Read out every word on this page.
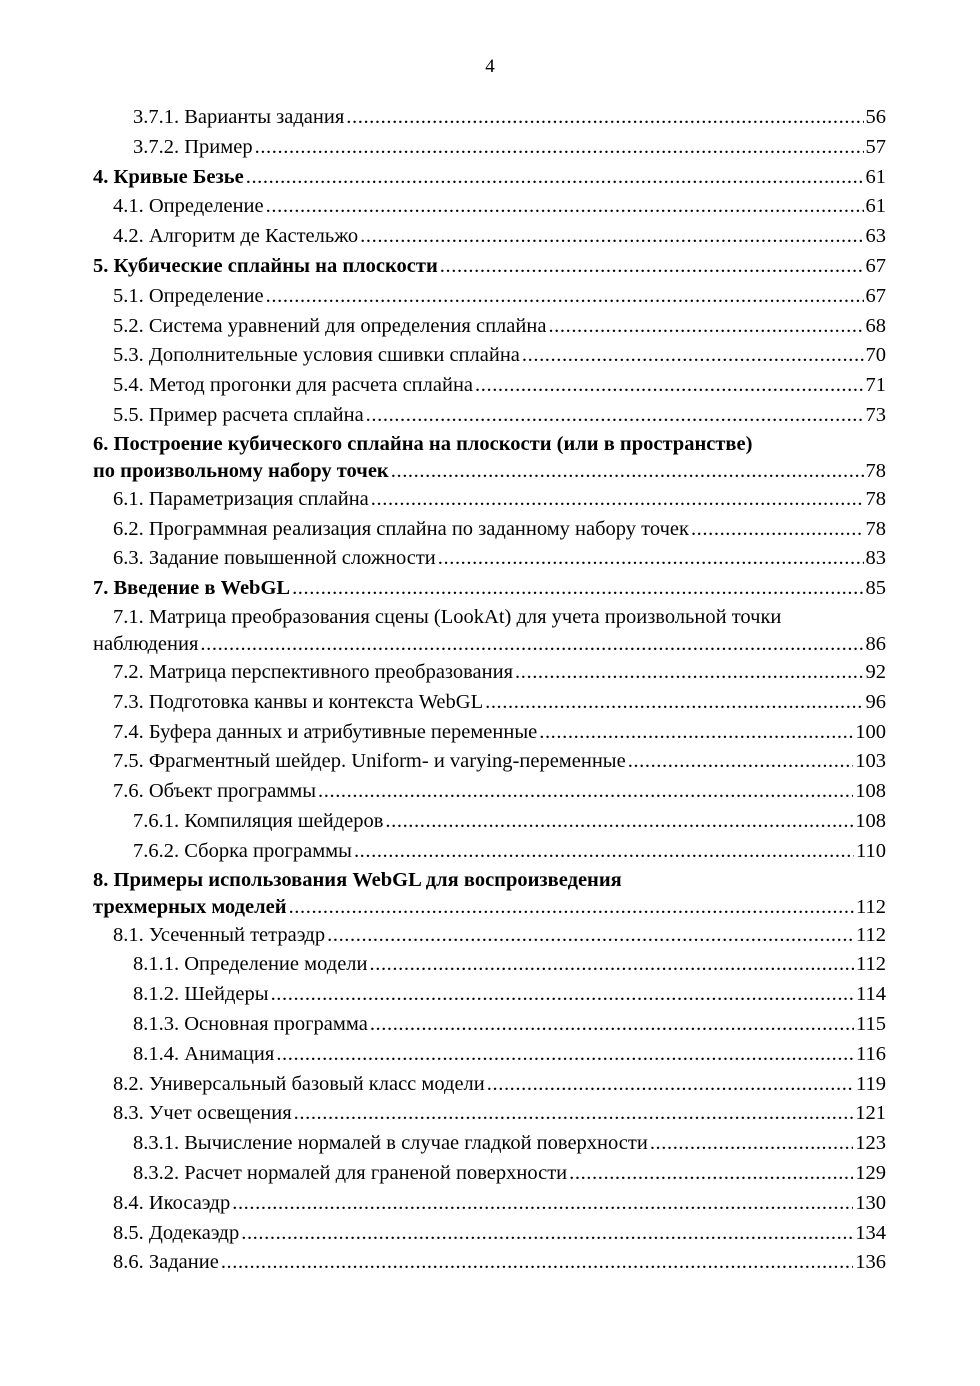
4
3.7.1. Варианты задания .....	56
3.7.2. Пример .....	57
4. Кривые Безье .....	61
4.1. Определение .....	61
4.2. Алгоритм де Кастельжо .....	63
5. Кубические сплайны на плоскости .....	67
5.1. Определение .....	67
5.2. Система уравнений для определения сплайна .....	68
5.3. Дополнительные условия сшивки сплайна .....	70
5.4. Метод прогонки для расчета сплайна .....	71
5.5. Пример расчета сплайна .....	73
6. Построение кубического сплайна на плоскости (или в пространстве)
по произвольному набору точек .....	78
6.1. Параметризация сплайна .....	78
6.2. Программная реализация сплайна по заданному набору точек .....	78
6.3. Задание повышенной сложности .....	83
7. Введение в WebGL .....	85
7.1. Матрица преобразования сцены (LookAt) для учета произвольной точки
наблюдения .....	86
7.2. Матрица перспективного преобразования .....	92
7.3. Подготовка канвы и контекста WebGL .....	96
7.4. Буфера данных и атрибутивные переменные .....	100
7.5. Фрагментный шейдер. Uniform- и varying-переменные .....	103
7.6. Объект программы .....	108
7.6.1. Компиляция шейдеров .....	108
7.6.2. Сборка программы .....	110
8. Примеры использования WebGL для воспроизведения
трехмерных моделей .....	112
8.1. Усеченный тетраэдр .....	112
8.1.1. Определение модели .....	112
8.1.2. Шейдеры .....	114
8.1.3. Основная программа .....	115
8.1.4. Анимация .....	116
8.2. Универсальный базовый класс модели .....	119
8.3. Учет освещения .....	121
8.3.1. Вычисление нормалей в случае гладкой поверхности .....	123
8.3.2. Расчет нормалей для граненой поверхности .....	129
8.4. Икосаэдр .....	130
8.5. Додекаэдр .....	134
8.6. Задание .....	136
